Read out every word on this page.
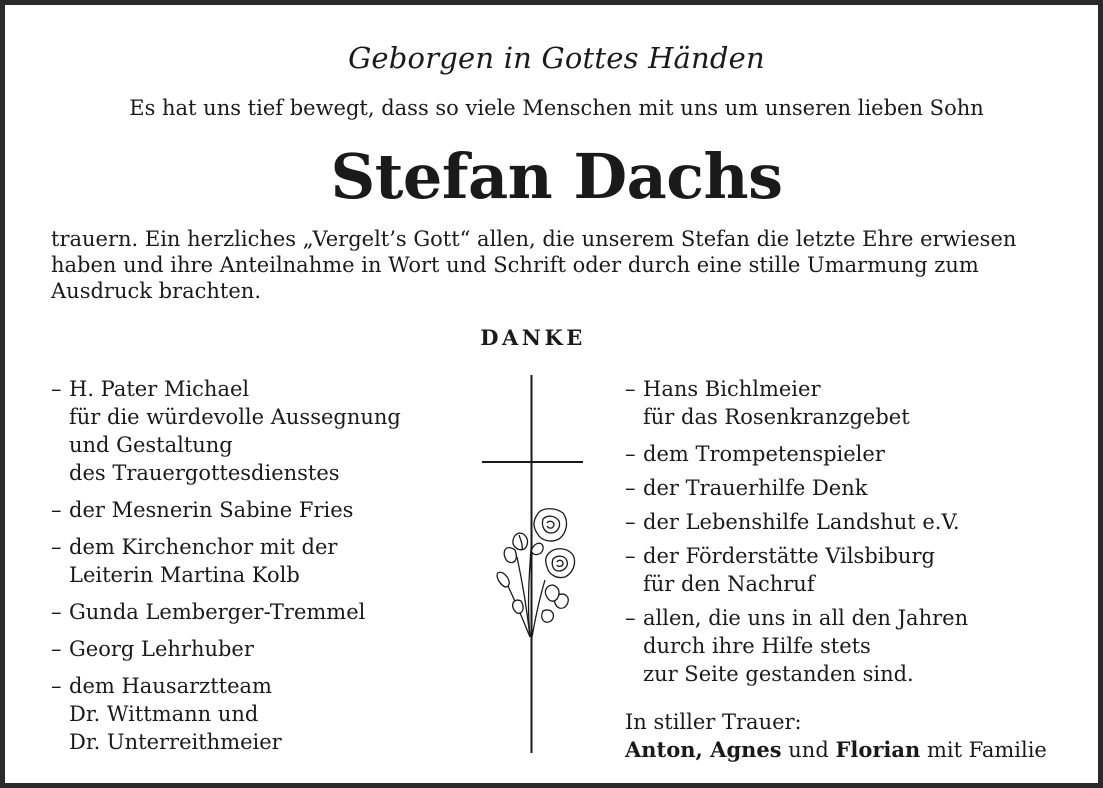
Geborgen in Gottes Händen
Es hat uns tief bewegt, dass so viele Menschen mit uns um unseren lieben Sohn
Stefan Dachs
trauern. Ein herzliches „Vergelt’s Gott“ allen, die unserem Stefan die letzte Ehre erwiesen
haben und ihre Anteilnahme in Wort und Schrift oder durch eine stille Umarmung zum
Ausdruck brachten.
DANKE
– H. Pater Michael
für die würdevolle Aussegnung
und Gestaltung
des Trauergottesdienstes
– der Mesnerin Sabine Fries
– dem Kirchenchor mit der
Leiterin Martina Kolb
– Gunda Lemberger-Tremmel
– Georg Lehrhuber
– dem Hausarztteam
Dr. Wittmann und
Dr. Unterreithmeier
– Hans Bichlmeier
für das Rosenkranzgebet
– dem Trompetenspieler
– der Trauerhilfe Denk
– der Lebenshilfe Landshut e.V.
– der Förderstätte Vilsbiburg
für den Nachruf
– allen, die uns in all den Jahren
durch ihre Hilfe stets
zur Seite gestanden sind.
In stiller Trauer:
Anton, Agnes und Florian mit Familie
